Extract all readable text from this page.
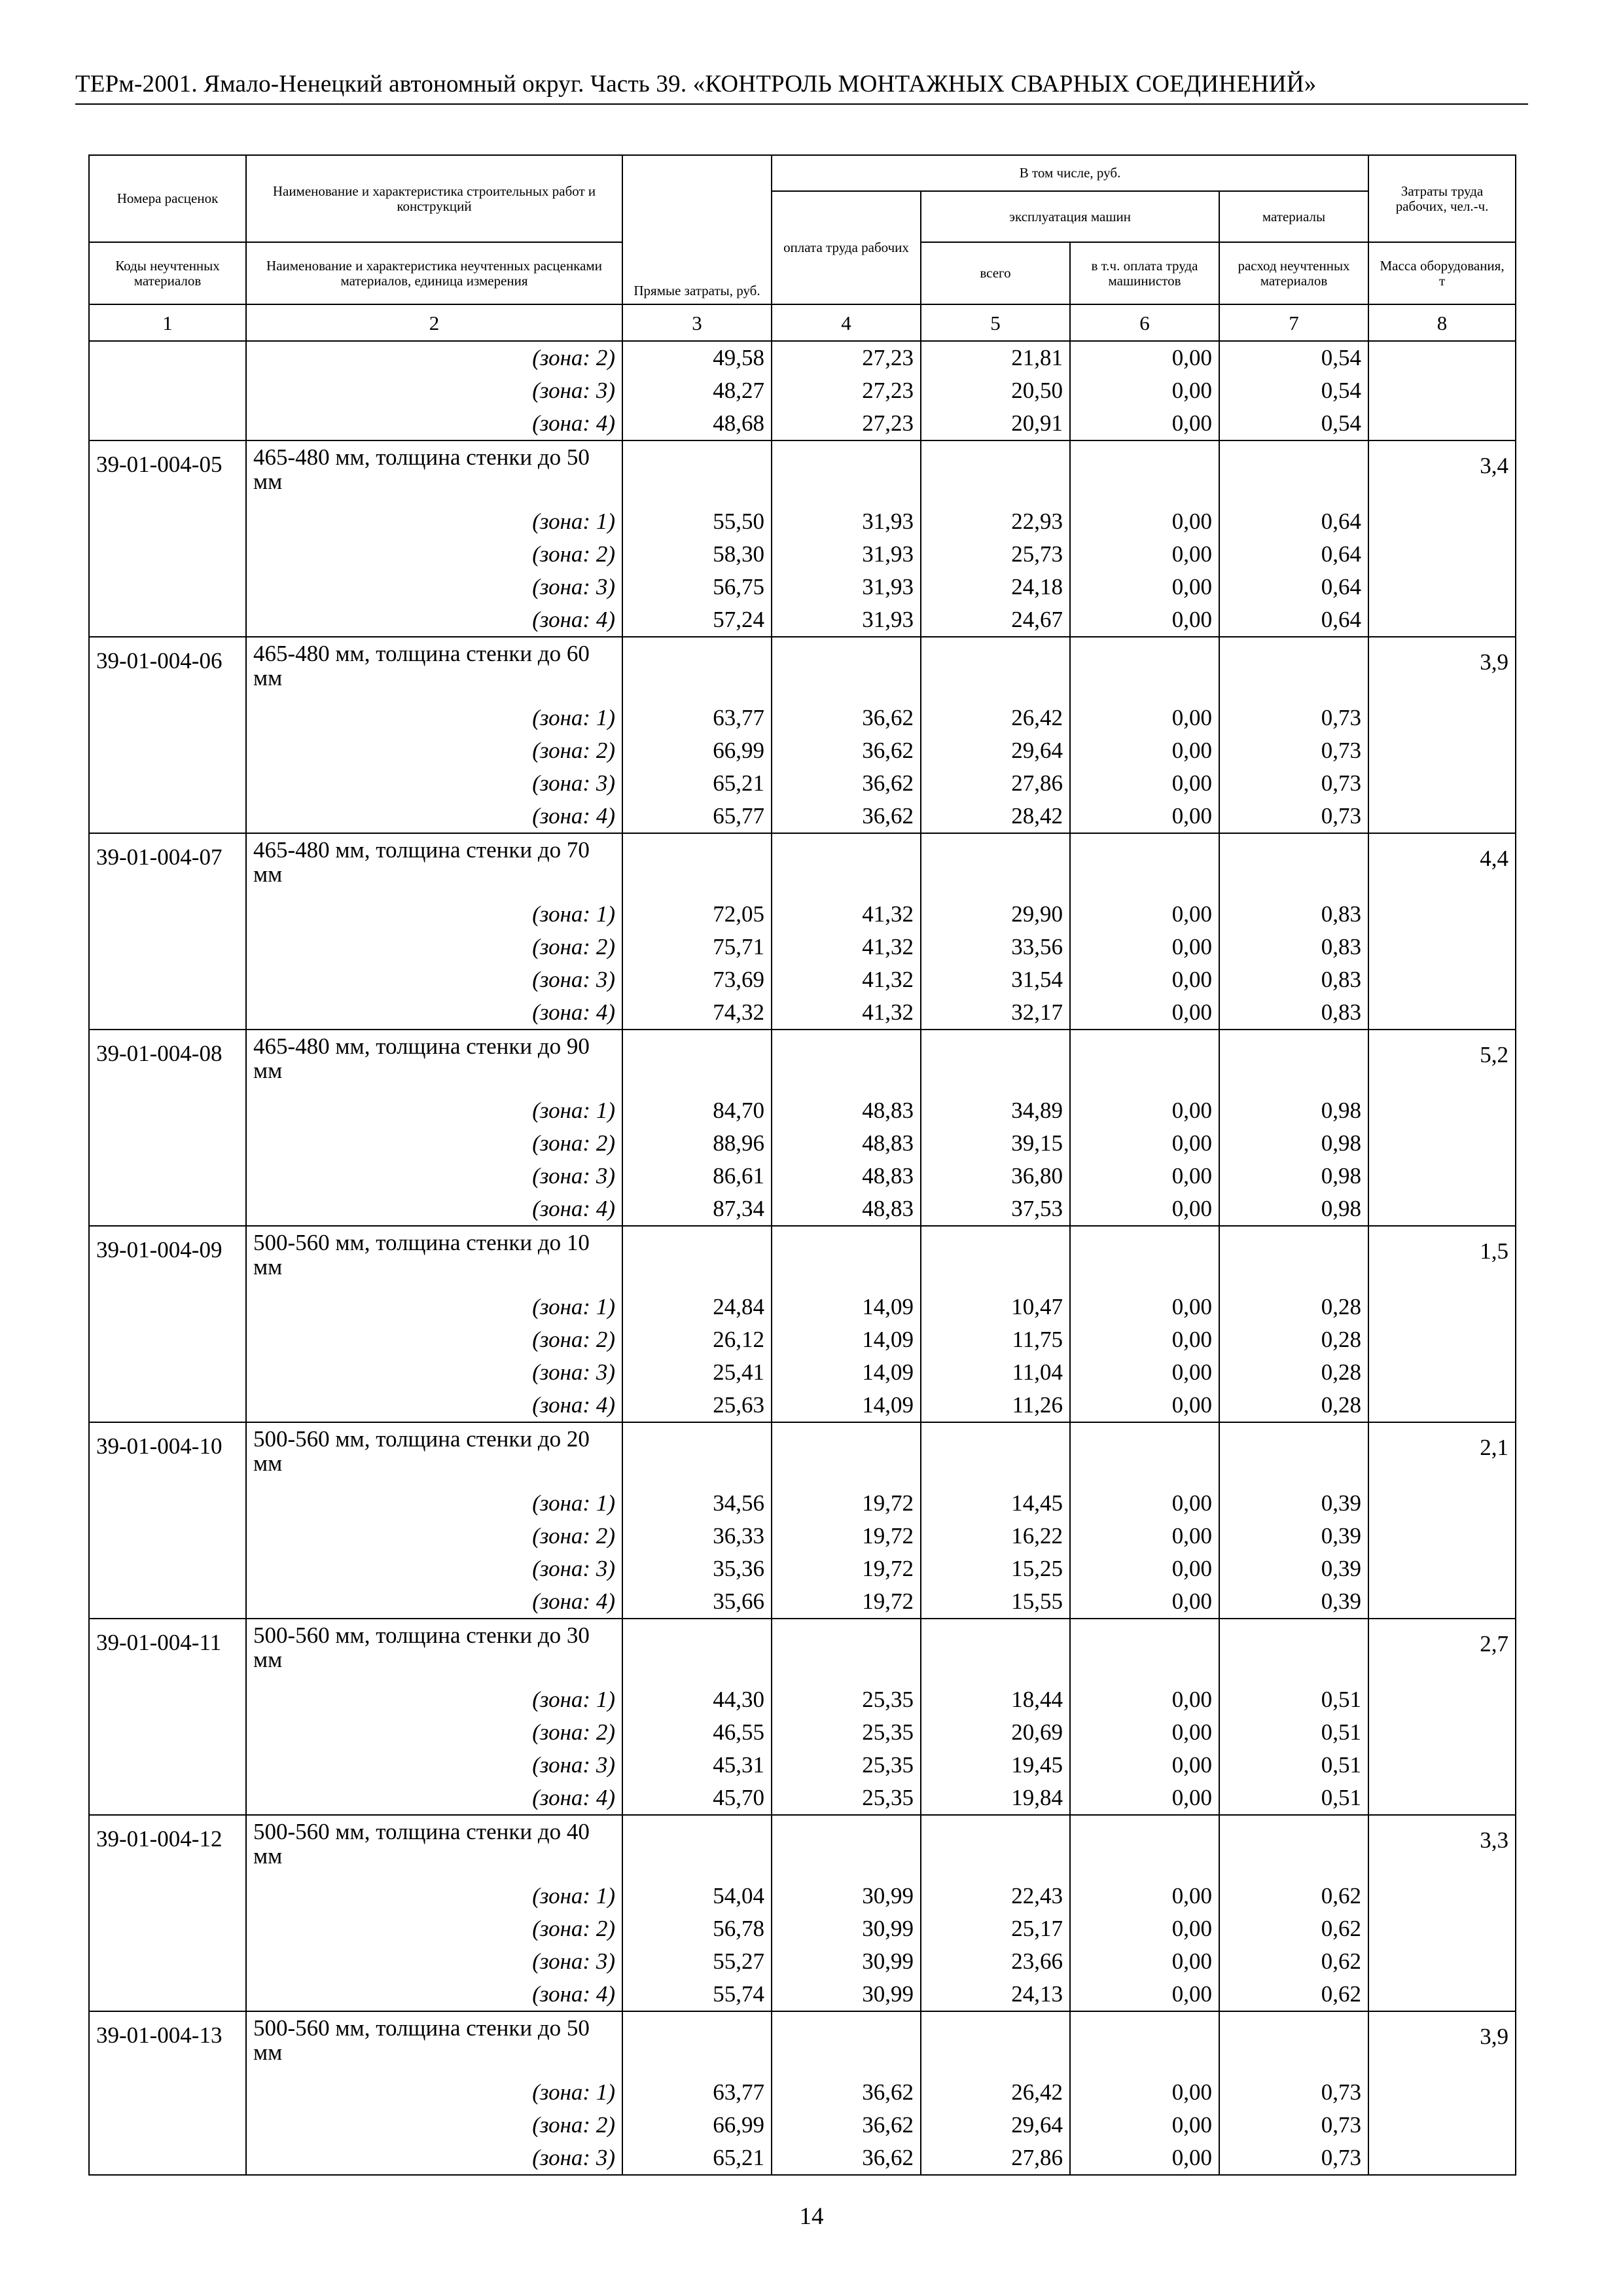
ТЕРм-2001. Ямало-Ненецкий автономный округ. Часть 39. «КОНТРОЛЬ МОНТАЖНЫХ СВАРНЫХ СОЕДИНЕНИЙ»
Номера расценок	Наименование и характеристика строительных работ и конструкций	Прямые затраты, руб.	В том числе, руб.				Затраты труда рабочих, чел.-ч.
			оплата труда рабочих	эксплуатация машин		материалы	
Коды неучтенных материалов	Наименование и характеристика неучтенных расценками материалов, единица измерения			всего	в т.ч. оплата труда машинистов	расход неучтенных материалов	Масса оборудования, т
1	2	3	4	5	6	7	8
	(зона: 2)	49,58	27,23	21,81	0,00	0,54	
	(зона: 3)	48,27	27,23	20,50	0,00	0,54	
	(зона: 4)	48,68	27,23	20,91	0,00	0,54	
39-01-004-05	465-480 мм, толщина стенки до 50 мм						3,4
	(зона: 1)	55,50	31,93	22,93	0,00	0,64	
	(зона: 2)	58,30	31,93	25,73	0,00	0,64	
	(зона: 3)	56,75	31,93	24,18	0,00	0,64	
	(зона: 4)	57,24	31,93	24,67	0,00	0,64	
39-01-004-06	465-480 мм, толщина стенки до 60 мм						3,9
	(зона: 1)	63,77	36,62	26,42	0,00	0,73	
	(зона: 2)	66,99	36,62	29,64	0,00	0,73	
	(зона: 3)	65,21	36,62	27,86	0,00	0,73	
	(зона: 4)	65,77	36,62	28,42	0,00	0,73	
39-01-004-07	465-480 мм, толщина стенки до 70 мм						4,4
	(зона: 1)	72,05	41,32	29,90	0,00	0,83	
	(зона: 2)	75,71	41,32	33,56	0,00	0,83	
	(зона: 3)	73,69	41,32	31,54	0,00	0,83	
	(зона: 4)	74,32	41,32	32,17	0,00	0,83	
39-01-004-08	465-480 мм, толщина стенки до 90 мм						5,2
	(зона: 1)	84,70	48,83	34,89	0,00	0,98	
	(зона: 2)	88,96	48,83	39,15	0,00	0,98	
	(зона: 3)	86,61	48,83	36,80	0,00	0,98	
	(зона: 4)	87,34	48,83	37,53	0,00	0,98	
39-01-004-09	500-560 мм, толщина стенки до 10 мм						1,5
	(зона: 1)	24,84	14,09	10,47	0,00	0,28	
	(зона: 2)	26,12	14,09	11,75	0,00	0,28	
	(зона: 3)	25,41	14,09	11,04	0,00	0,28	
	(зона: 4)	25,63	14,09	11,26	0,00	0,28	
39-01-004-10	500-560 мм, толщина стенки до 20 мм						2,1
	(зона: 1)	34,56	19,72	14,45	0,00	0,39	
	(зона: 2)	36,33	19,72	16,22	0,00	0,39	
	(зона: 3)	35,36	19,72	15,25	0,00	0,39	
	(зона: 4)	35,66	19,72	15,55	0,00	0,39	
39-01-004-11	500-560 мм, толщина стенки до 30 мм						2,7
	(зона: 1)	44,30	25,35	18,44	0,00	0,51	
	(зона: 2)	46,55	25,35	20,69	0,00	0,51	
	(зона: 3)	45,31	25,35	19,45	0,00	0,51	
	(зона: 4)	45,70	25,35	19,84	0,00	0,51	
39-01-004-12	500-560 мм, толщина стенки до 40 мм						3,3
	(зона: 1)	54,04	30,99	22,43	0,00	0,62	
	(зона: 2)	56,78	30,99	25,17	0,00	0,62	
	(зона: 3)	55,27	30,99	23,66	0,00	0,62	
	(зона: 4)	55,74	30,99	24,13	0,00	0,62	
39-01-004-13	500-560 мм, толщина стенки до 50 мм						3,9
	(зона: 1)	63,77	36,62	26,42	0,00	0,73	
	(зона: 2)	66,99	36,62	29,64	0,00	0,73	
	(зона: 3)	65,21	36,62	27,86	0,00	0,73	
14
